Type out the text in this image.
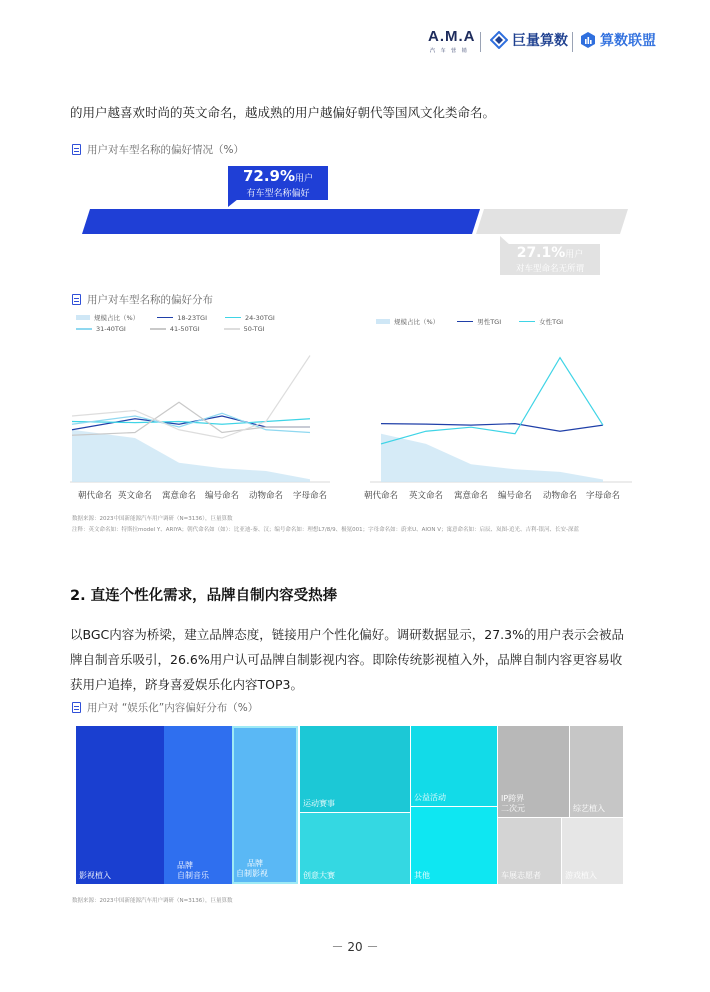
A.M.A
汽 车 营 销
巨量算数 算数联盟
的用户越喜欢时尚的英文命名，越成熟的用户越偏好朝代等国风文化类命名。
用户对车型名称的偏好情况（%）
72.9%用户
有车型名称偏好
27.1%用户
对车型命名无所谓
用户对车型名称的偏好分布
规模占比（%）	18-23TGI	24-30TGI
31-40TGI	41-50TGI	50-TGI
规模占比（%）	男性TGI	女性TGI
朝代命名 英文命名	寓意命名	编号命名	动物命名	字母命名	朝代命名	英文命名	寓意命名	编号命名	动物命名	字母命名
数据来源：2023中国新能源汽车用户调研（N=3136），巨量算数
注释：英文命名如：特斯拉model Y、ARIYA；朝代命名如（如）：比亚迪-秦、汉；编号命名如：理想L7/8/9、极氪001；字母命名如：蔚来U、AION V；寓意命名如：启辰、岚图-追光、吉利-银河、长安-深蓝
2. 直连个性化需求，品牌自制内容受热捧
以BGC内容为桥梁，建立品牌态度，链接用户个性化偏好。调研数据显示，27.3%的用户表示会被品
牌自制音乐吸引，26.6%用户认可品牌自制影视内容。即除传统影视植入外，品牌自制内容更容易收
获用户追捧，跻身喜爱娱乐化内容TOP3。
用户对 “娱乐化”内容偏好分布（%）
影视植入
品牌
自制音乐
品牌
自制影视
运动赛事
创意大赛
公益活动
其他
IP跨界
二次元	综艺植入
车展志愿者	游戏植入
数据来源：2023中国新能源汽车用户调研（N=3136），巨量算数
－ 20 －
